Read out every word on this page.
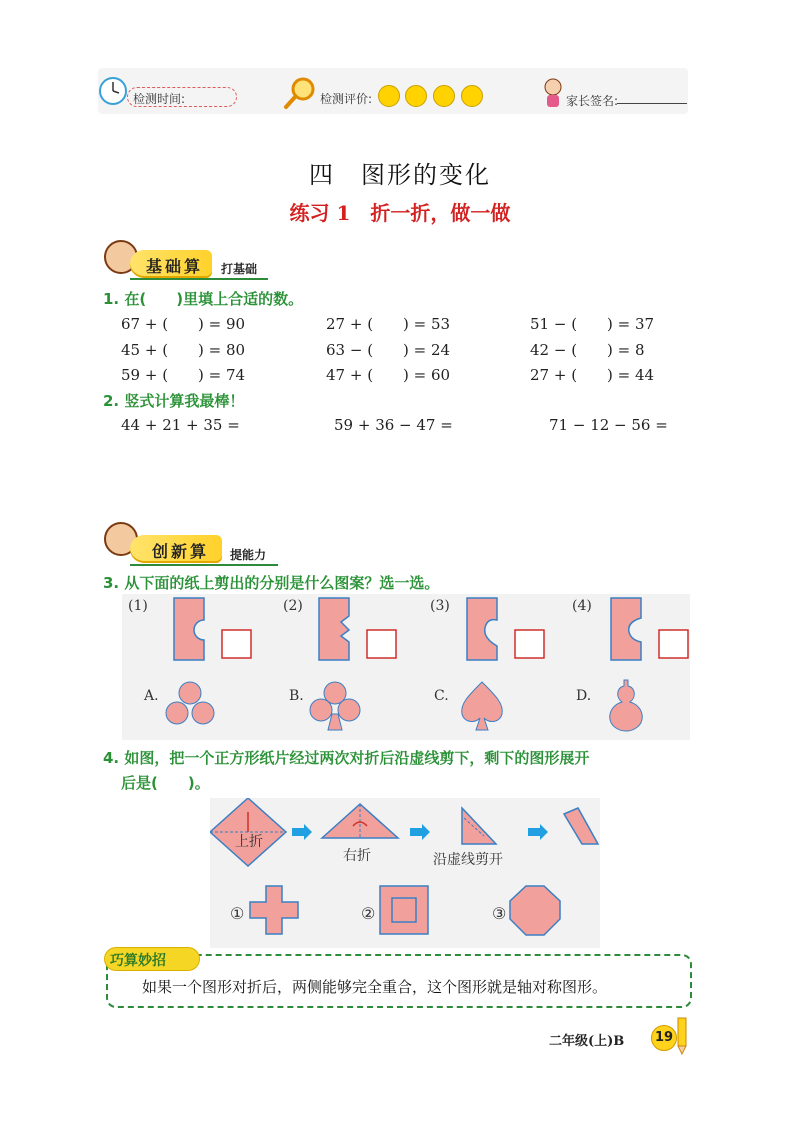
检测时间:	检测评价:	家长签名:
四　图形的变化
练习 1　折一折，做一做
基础算 打基础
1. 在(　　)里填上合适的数。
67 + (　　) = 90	27 + (　　) = 53	51 − (　　) = 37
45 + (　　) = 80	63 − (　　) = 24	42 − (　　) = 8
59 + (　　) = 74	47 + (　　) = 60	27 + (　　) = 44
2. 竖式计算我最棒！
44 + 21 + 35 =	59 + 36 − 47 =	71 − 12 − 56 =
创新算 提能力
3. 从下面的纸上剪出的分别是什么图案？选一选。
(1)	(2)	(3)	(4)
A.	B.	C.	D.
4. 如图，把一个正方形纸片经过两次对折后沿虚线剪下，剩下的图形展开
后是(　　)。
上折
右折	沿虚线剪开
①	②	③
巧算妙招
如果一个图形对折后，两侧能够完全重合，这个图形就是轴对称图形。
二年级(上)B	19
